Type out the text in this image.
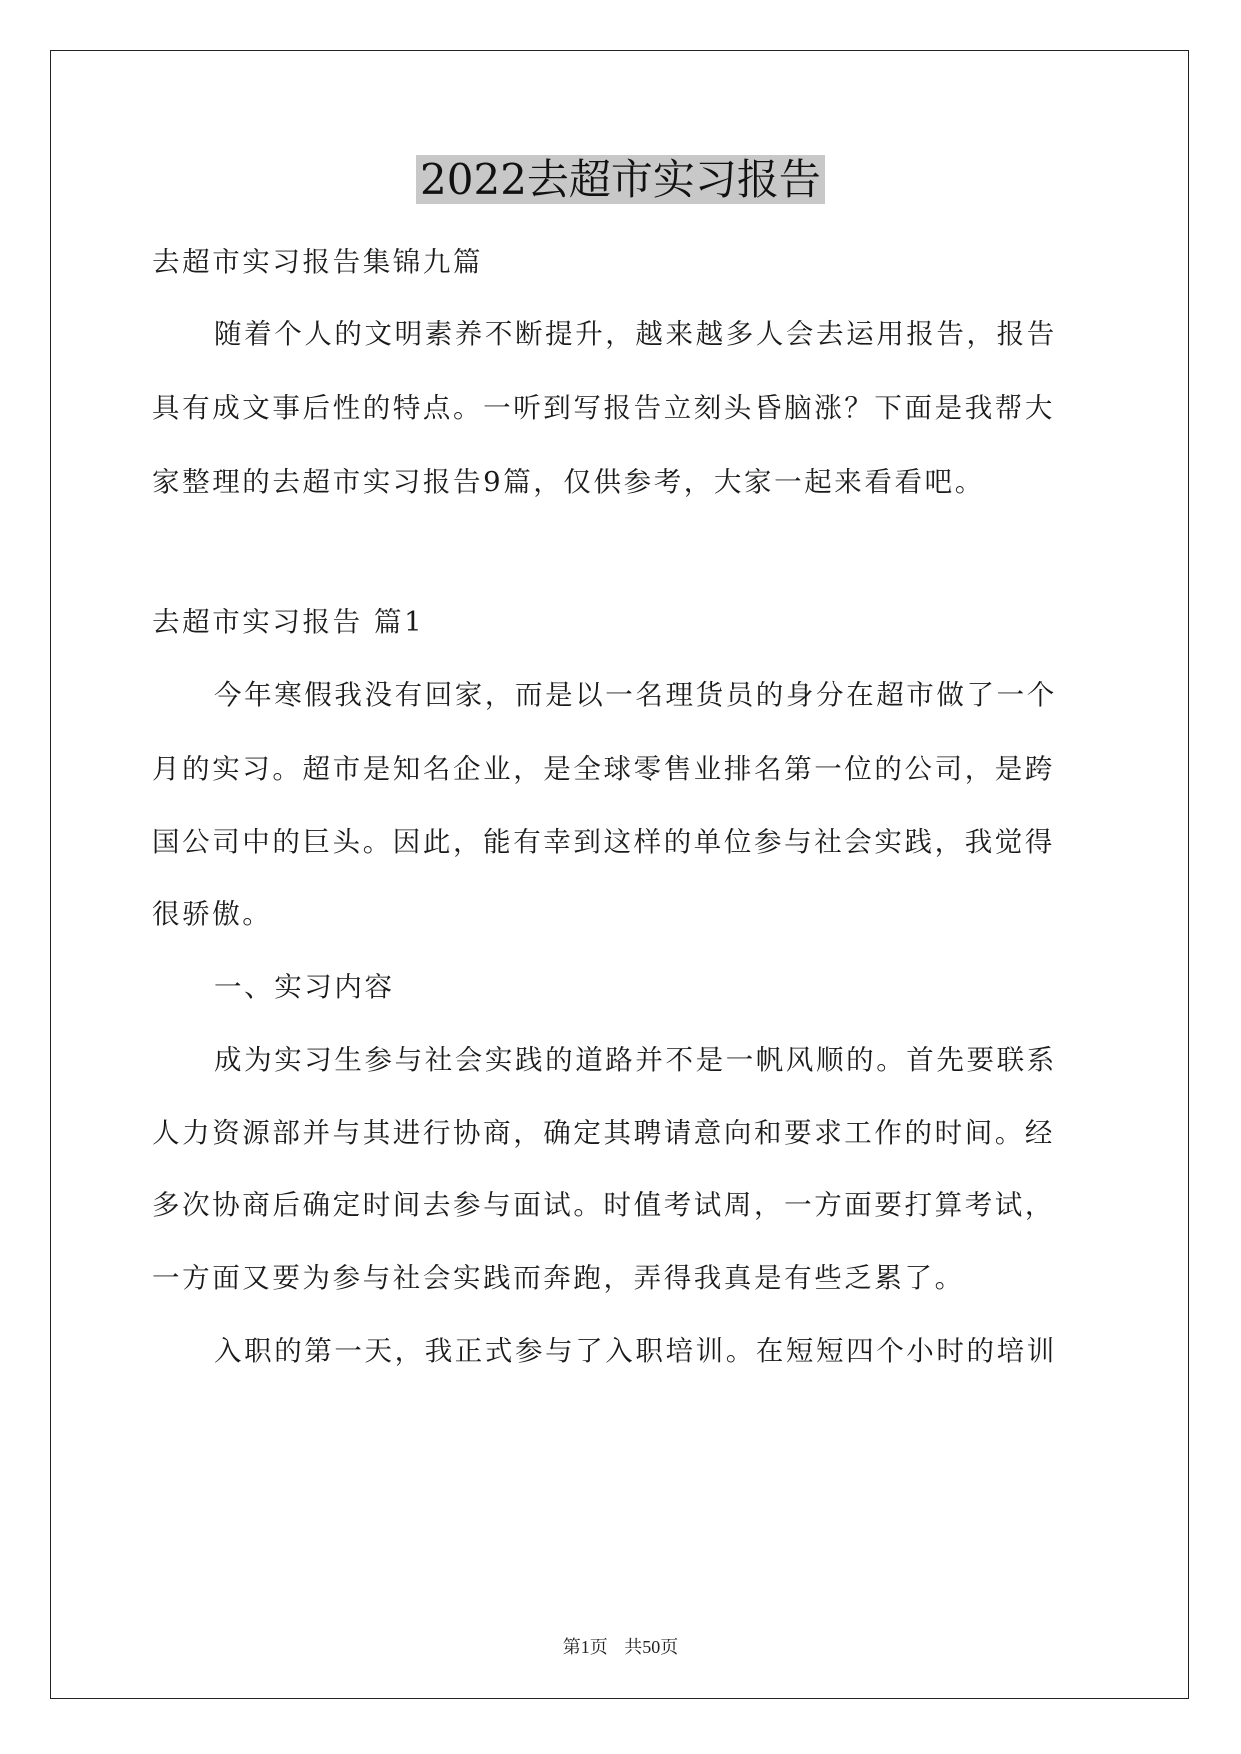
2022去超市实习报告
去超市实习报告集锦九篇
随着个人的文明素养不断提升，越来越多人会去运用报告，报告
具有成文事后性的特点。一听到写报告立刻头昏脑涨？下面是我帮大
家整理的去超市实习报告9篇，仅供参考，大家一起来看看吧。
去超市实习报告 篇1
今年寒假我没有回家，而是以一名理货员的身分在超市做了一个
月的实习。超市是知名企业，是全球零售业排名第一位的公司，是跨
国公司中的巨头。因此，能有幸到这样的单位参与社会实践，我觉得
很骄傲。
一、实习内容
成为实习生参与社会实践的道路并不是一帆风顺的。首先要联系
人力资源部并与其进行协商，确定其聘请意向和要求工作的时间。经
多次协商后确定时间去参与面试。时值考试周，一方面要打算考试，
一方面又要为参与社会实践而奔跑，弄得我真是有些乏累了。
入职的第一天，我正式参与了入职培训。在短短四个小时的培训
第1页 共50页
